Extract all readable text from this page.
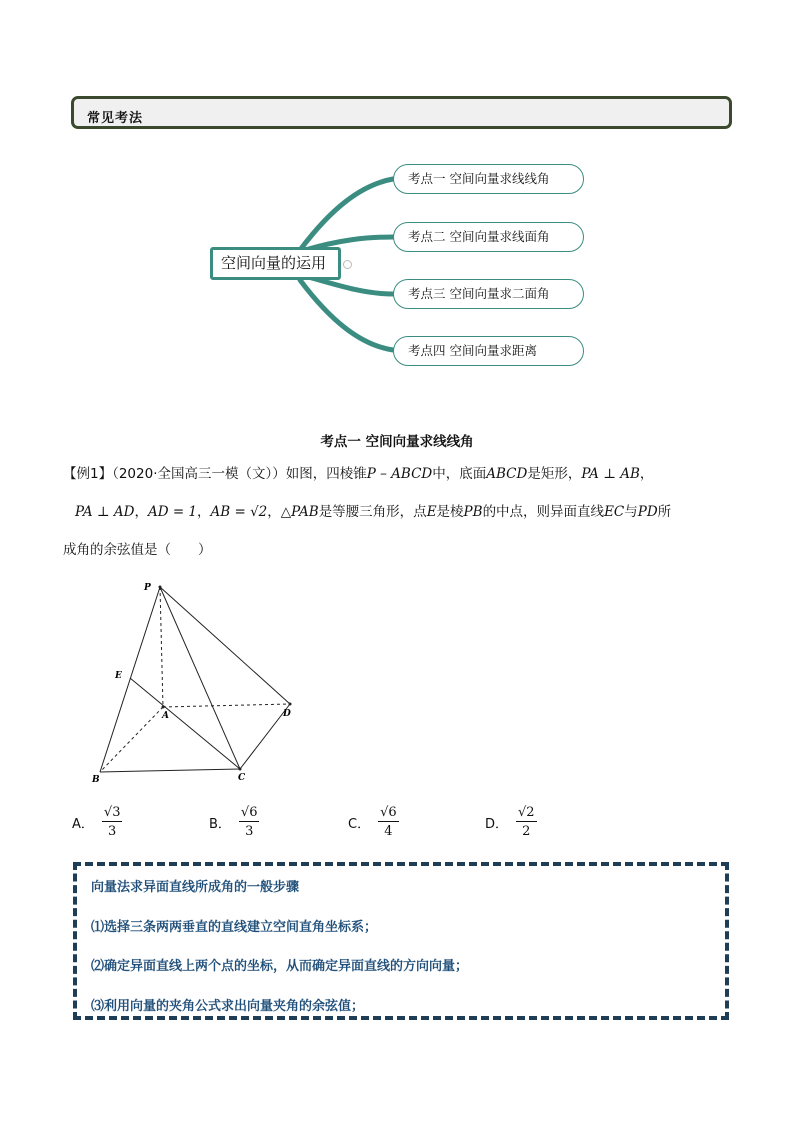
常见考法
空间向量的运用
考点一 空间向量求线线角
考点二 空间向量求线面角
考点三 空间向量求二面角
考点四 空间向量求距离
考点一 空间向量求线线角
【例1】（2020·全国高三一模（文））如图，四棱锥P – ABCD中，底面ABCD是矩形，PA ⊥ AB，
PA ⊥ AD，AD = 1，AB = √2，△PAB是等腰三角形，点E是棱PB的中点，则异面直线EC与PD所
成角的余弦值是（　　）
P
E
A	D
B	C
A． $\frac{√3}{3}$	B． $\frac{√6}{3}$	C． $\frac{√6}{4}$	D． $\frac{√2}{2}$
向量法求异面直线所成角的一般步骤
⑴选择三条两两垂直的直线建立空间直角坐标系；
⑵确定异面直线上两个点的坐标，从而确定异面直线的方向向量；
⑶利用向量的夹角公式求出向量夹角的余弦值；
